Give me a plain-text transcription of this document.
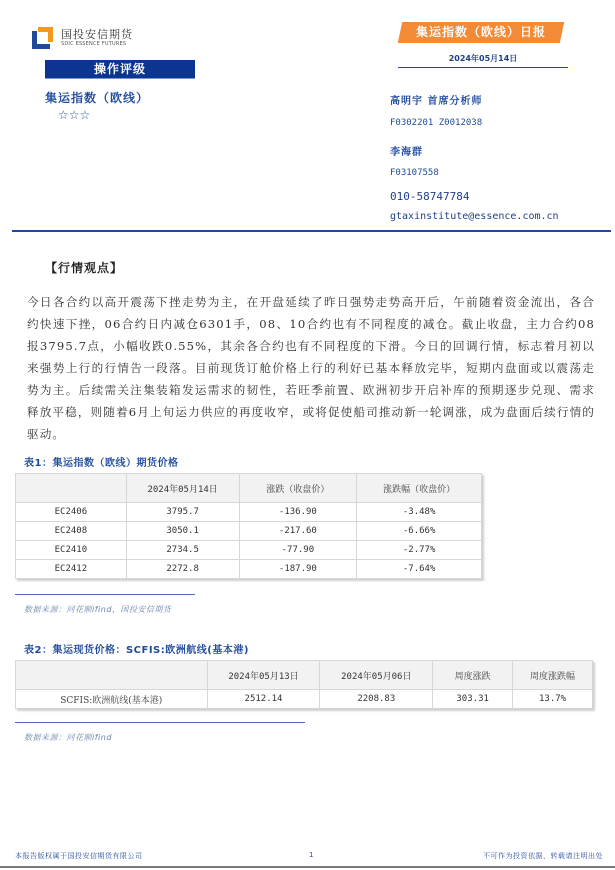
国投安信期货
SDIC ESSENCE FUTURES
操作评级
集运指数（欧线）
☆☆☆
集运指数（欧线）日报
2024年05月14日
高明宇 首席分析师
F0302201 Z0012038
李海群
F03107558
010-58747784
gtaxinstitute@essence.com.cn
【行情观点】
今日各合约以高开震荡下挫走势为主，在开盘延续了昨日强势走势高开后，午前随着资金流出，各合约快速下挫，06合约日内减仓6301手，08、10合约也有不同程度的减仓。截止收盘，主力合约08报3795.7点，小幅收跌0.55%，其余各合约也有不同程度的下滑。今日的回调行情，标志着月初以来强势上行的行情告一段落。目前现货订舱价格上行的利好已基本释放完毕，短期内盘面或以震荡走势为主。后续需关注集装箱发运需求的韧性，若旺季前置、欧洲初步开启补库的预期逐步兑现、需求释放平稳，则随着6月上旬运力供应的再度收窄，或将促使船司推动新一轮调涨，成为盘面后续行情的驱动。
表1：集运指数（欧线）期货价格
	2024年05月14日	涨跌（收盘价）	涨跌幅（收盘价）
EC2406	3795.7	-136.90	-3.48%
EC2408	3050.1	-217.60	-6.66%
EC2410	2734.5	-77.90	-2.77%
EC2412	2272.8	-187.90	-7.64%
数据来源：同花顺ifind，国投安信期货
表2：集运现货价格：SCFIS:欧洲航线(基本港)
	2024年05月13日	2024年05月06日	周度涨跌	周度涨跌幅
SCFIS:欧洲航线(基本港)	2512.14	2208.83	303.31	13.7%
数据来源：同花顺ifind
本报告版权属于国投安信期货有限公司	1	不可作为投资依据，转载请注明出处
